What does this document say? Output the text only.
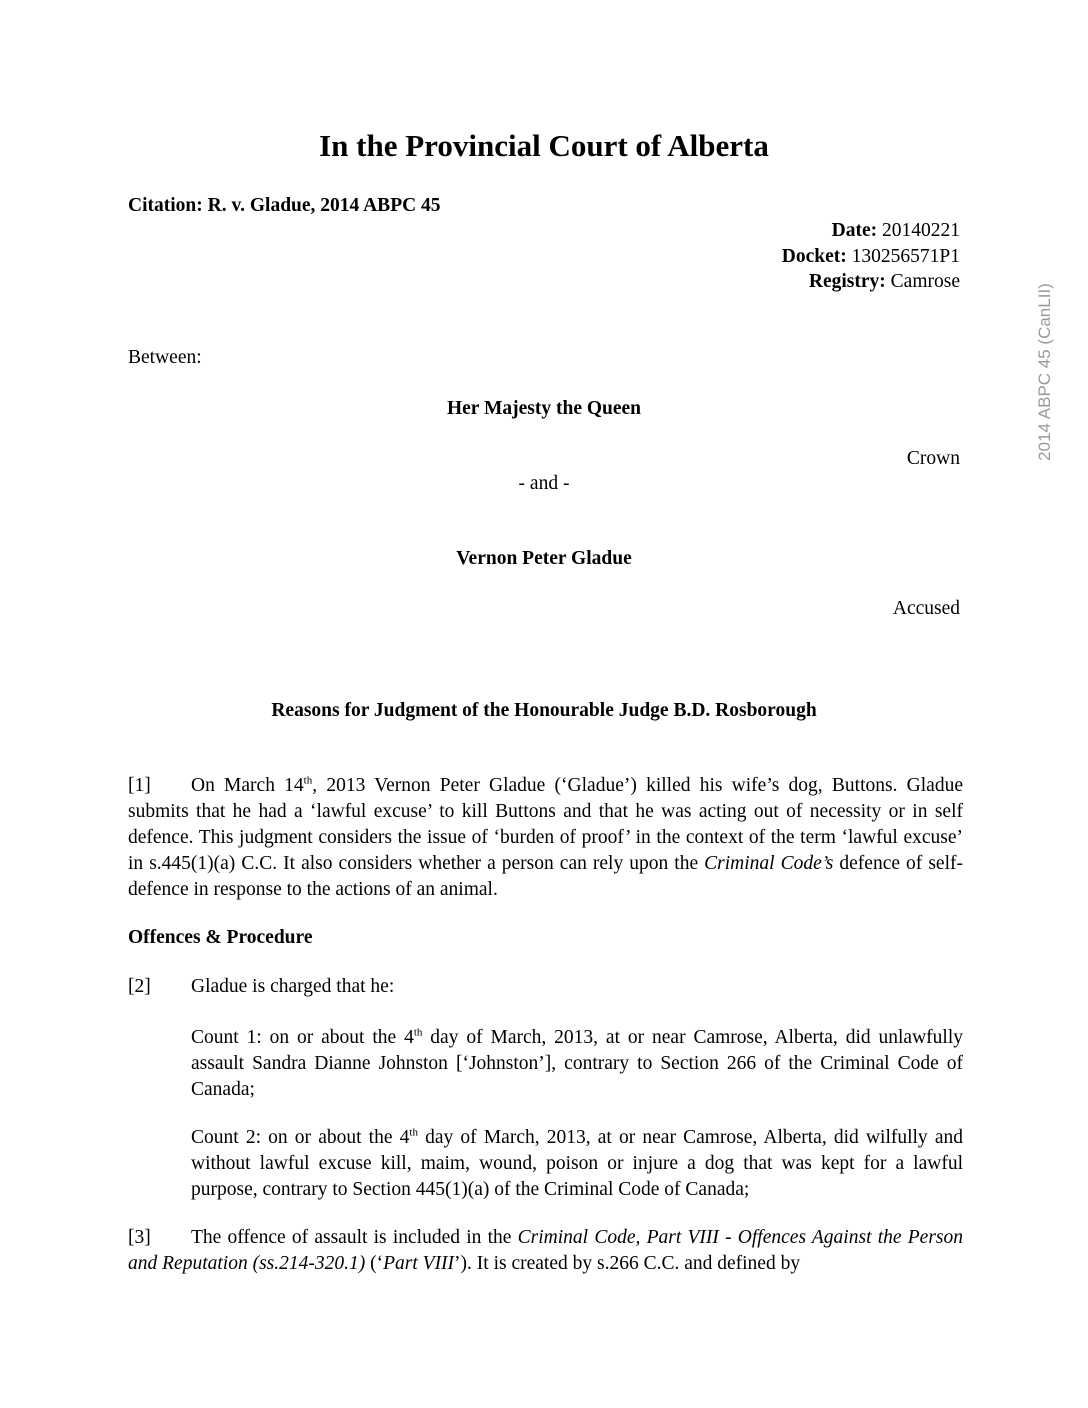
In the Provincial Court of Alberta
Citation: R. v. Gladue, 2014 ABPC 45
Date: 20140221
Docket: 130256571P1
Registry: Camrose
2014 ABPC 45 (CanLII)
Between:
Her Majesty the Queen
Crown
- and -
Vernon Peter Gladue
Accused
Reasons for Judgment of the Honourable Judge B.D. Rosborough
[1] On March 14th, 2013 Vernon Peter Gladue (‘Gladue’) killed his wife’s dog, Buttons. Gladue submits that he had a ‘lawful excuse’ to kill Buttons and that he was acting out of necessity or in self defence. This judgment considers the issue of ‘burden of proof’ in the context of the term ‘lawful excuse’ in s.445(1)(a) C.C. It also considers whether a person can rely upon the Criminal Code’s defence of self-defence in response to the actions of an animal.
Offences & Procedure
[2] Gladue is charged that he:
Count 1: on or about the 4th day of March, 2013, at or near Camrose, Alberta, did unlawfully assault Sandra Dianne Johnston [‘Johnston’], contrary to Section 266 of the Criminal Code of Canada;
Count 2: on or about the 4th day of March, 2013, at or near Camrose, Alberta, did wilfully and without lawful excuse kill, maim, wound, poison or injure a dog that was kept for a lawful purpose, contrary to Section 445(1)(a) of the Criminal Code of Canada;
[3] The offence of assault is included in the Criminal Code, Part VIII - Offences Against the Person and Reputation (ss.214-320.1) (‘Part VIII’). It is created by s.266 C.C. and defined by
